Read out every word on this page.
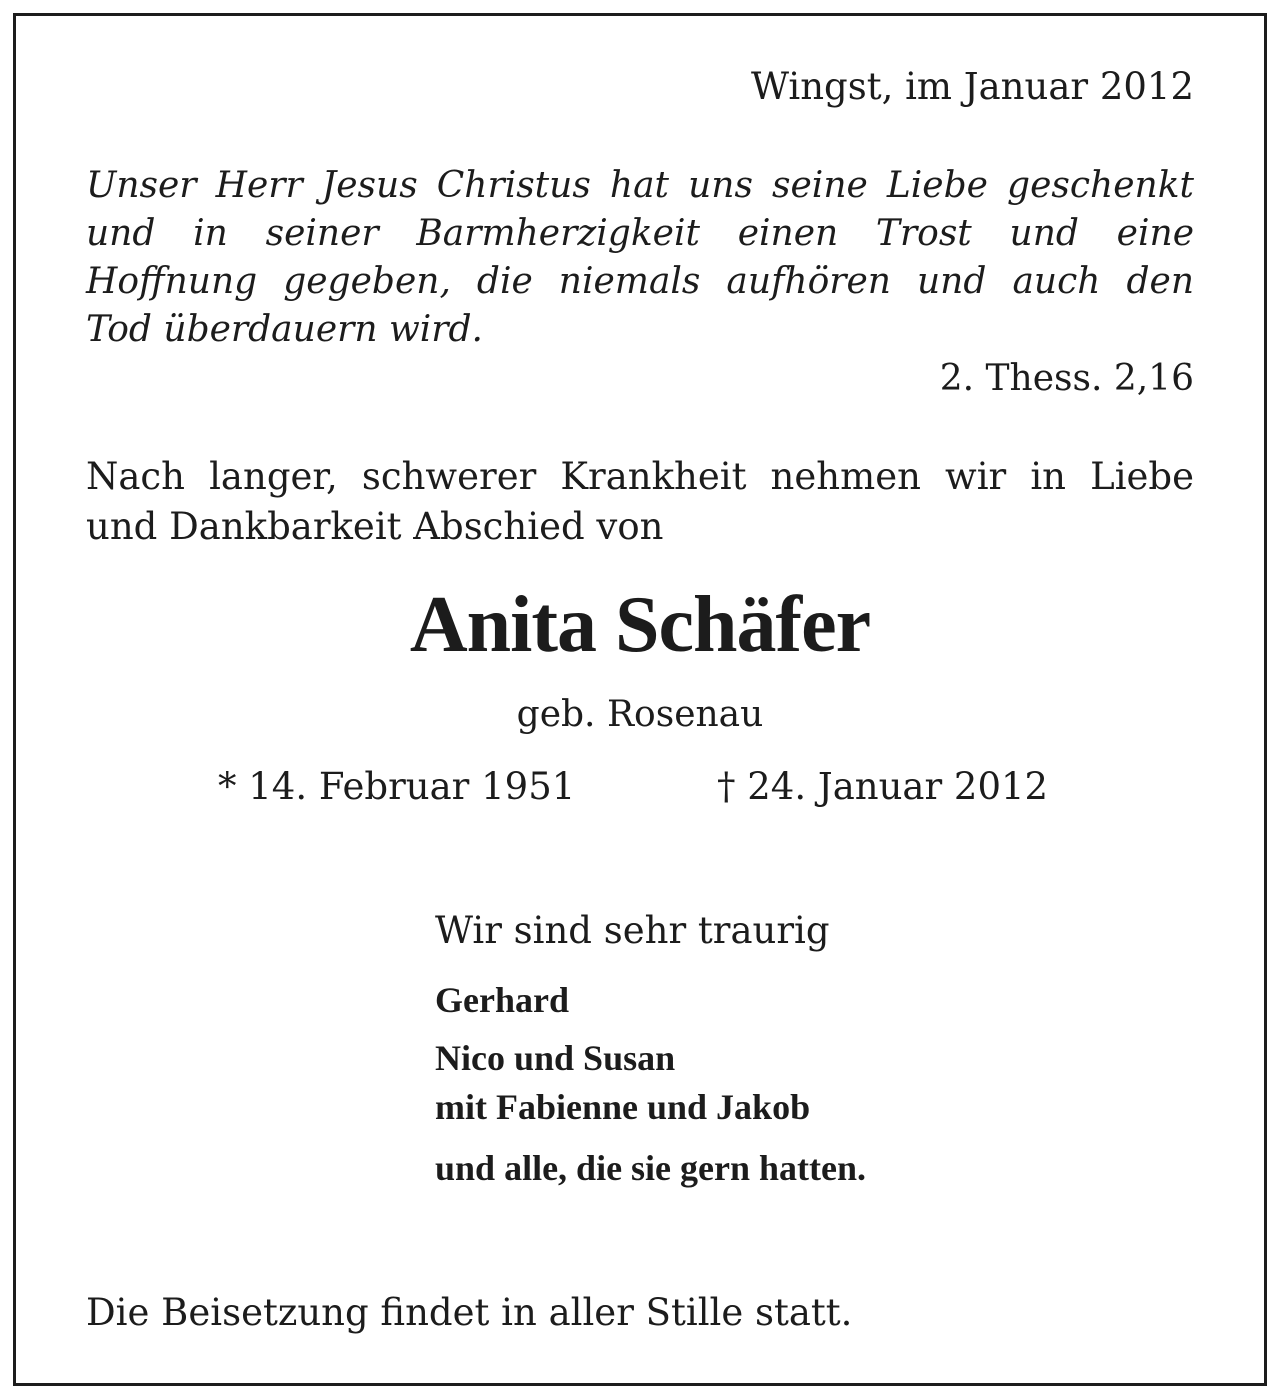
Wingst, im Januar 2012

Unser Herr Jesus Christus hat uns seine Liebe geschenkt
und in seiner Barmherzigkeit einen Trost und eine
Hoffnung gegeben, die niemals aufhören und auch den
Tod überdauern wird.

2. Thess. 2,16

Nach langer, schwerer Krankheit nehmen wir in Liebe
und Dankbarkeit Abschied von
Anita Schäfer

geb. Rosenau

* 14. Februar 1951	† 24. Januar 2012

Wir sind sehr traurig

Gerhard

Nico und Susan

mit Fabienne und Jakob

und alle, die sie gern hatten.

Die Beisetzung findet in aller Stille statt.
